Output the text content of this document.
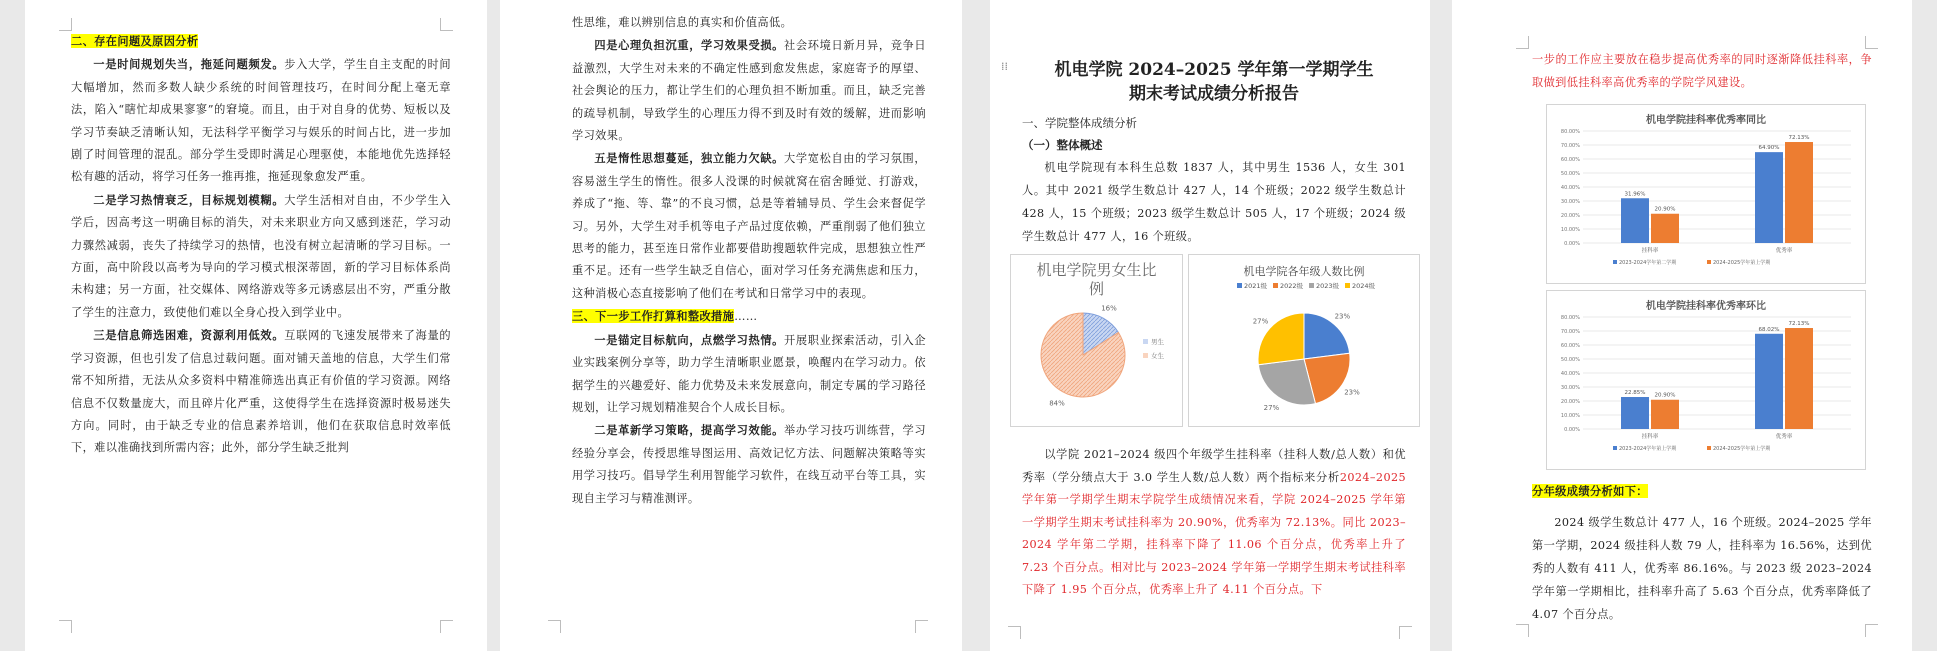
二、存在问题及原因分析

一是时间规划失当，拖延问题频发。步入大学，学生自主支配的时间大幅增加，然而多数人缺少系统的时间管理技巧，在时间分配上毫无章法，陷入“瞎忙却成果寥寥”的窘境。而且，由于对自身的优势、短板以及学习节奏缺乏清晰认知，无法科学平衡学习与娱乐的时间占比，进一步加剧了时间管理的混乱。部分学生受即时满足心理驱使，本能地优先选择轻松有趣的活动，将学习任务一推再推，拖延现象愈发严重。

二是学习热情衰乏，目标规划模糊。大学生活相对自由，不少学生入学后，因高考这一明确目标的消失，对未来职业方向又感到迷茫，学习动力骤然减弱，丧失了持续学习的热情，也没有树立起清晰的学习目标。一方面，高中阶段以高考为导向的学习模式根深蒂固，新的学习目标体系尚未构建；另一方面，社交媒体、网络游戏等多元诱惑层出不穷，严重分散了学生的注意力，致使他们难以全身心投入到学业中。

三是信息筛选困难，资源利用低效。互联网的飞速发展带来了海量的学习资源，但也引发了信息过载问题。面对铺天盖地的信息，大学生们常常不知所措，无法从众多资料中精准筛选出真正有价值的学习资源。网络信息不仅数量庞大，而且碎片化严重，这使得学生在选择资源时极易迷失方向。同时，由于缺乏专业的信息素养培训，他们在获取信息时效率低下，难以准确找到所需内容；此外，部分学生缺乏批判

性思维，难以辨别信息的真实和价值高低。

四是心理负担沉重，学习效果受损。社会环境日新月异，竞争日益激烈，大学生对未来的不确定性感到愈发焦虑，家庭寄予的厚望、社会舆论的压力，都让学生们的心理负担不断加重。而且，缺乏完善的疏导机制，导致学生的心理压力得不到及时有效的缓解，进而影响学习效果。

五是惰性思想蔓延，独立能力欠缺。大学宽松自由的学习氛围，容易滋生学生的惰性。很多人没课的时候就窝在宿舍睡觉、打游戏，养成了“拖、等、靠”的不良习惯，总是等着辅导员、学生会来督促学习。另外，大学生对手机等电子产品过度依赖，严重削弱了他们独立思考的能力，甚至连日常作业都要借助搜题软件完成，思想独立性严重不足。还有一些学生缺乏自信心，面对学习任务充满焦虑和压力，这种消极心态直接影响了他们在考试和日常学习中的表现。

三、下一步工作打算和整改措施……

一是锚定目标航向，点燃学习热情。开展职业探索活动，引入企业实践案例分享等，助力学生清晰职业愿景，唤醒内在学习动力。依据学生的兴趣爱好、能力优势及未来发展意向，制定专属的学习路径规划，让学习规划精准契合个人成长目标。

二是革新学习策略，提高学习效能。举办学习技巧训练营，学习经验分享会，传授思维导图运用、高效记忆方法、问题解决策略等实用学习技巧。倡导学生利用智能学习软件，在线互动平台等工具，实现自主学习与精准测评。

机电学院 2024–2025 学年第一学期学生
期末考试成绩分析报告
一、学院整体成绩分析
（一）整体概述

机电学院现有本科生总数 1837 人，其中男生 1536 人，女生 301 人。其中 2021 级学生数总计 427 人，14 个班级；2022 级学生数总计 428 人，15 个班级；2023 级学生数总计 505 人，17 个班级；2024 级学生数总计 477 人，16 个班级。

以学院 2021–2024 级四个年级学生挂科率（挂科人数/总人数）和优秀率（学分绩点大于 3.0 学生人数/总人数）两个指标来分析2024–2025 学年第一学期学生期末学院学生成绩情况来看，学院 2024–2025 学年第一学期学生期末考试挂科率为 20.90%，优秀率为 72.13%。同比 2023–2024 学年第二学期，挂科率下降了 11.06 个百分点，优秀率上升了 7.23 个百分点。相对比与 2023–2024 学年第一学期学生期末考试挂科率下降了 1.95 个百分点，优秀率上升了 4.11 个百分点。下

⁞⁞
机电学院男女生比例
16%
84%
男生
女生
机电学院各年级人数比例
2021级 2022级 2023级 2024级
23%
23%
27%
27%

一步的工作应主要放在稳步提高优秀率的同时逐渐降低挂科率，争取做到低挂科率高优秀率的学院学风建设。

分年级成绩分析如下：

2024 级学生数总计 477 人，16 个班级。2024–2025 学年第一学期，2024 级挂科人数 79 人，挂科率为 16.56%，达到优秀的人数有 411 人，优秀率 86.16%。与 2023 级 2023–2024 学年第一学期相比，挂科率升高了 5.63 个百分点，优秀率降低了 4.07 个百分点。

机电学院挂科率优秀率同比
0.00%
10.00%
20.00%
30.00%
40.00%
50.00%
60.00%
70.00%
80.00%
31.96%
20.90%
挂科率
64.90%
72.13%
优秀率
2023-2024学年第二学期	2024-2025学年第上学期
机电学院挂科率优秀率环比
0.00%
10.00%
20.00%
30.00%
40.00%
50.00%
60.00%
70.00%
80.00%
22.85% 20.90%
挂科率
68.02%
72.13%
优秀率
2023-2024学年第上学期	2024-2025学年第上学期
